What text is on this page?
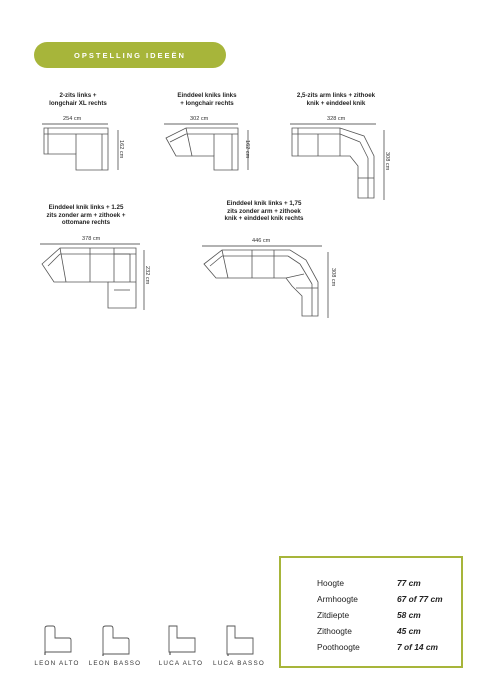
OPSTELLING IDEEËN
2-zits links +
longchair XL rechts
254 cm
162 cm
Einddeel kniks links
+ longchair rechts
302 cm
162 cm
2,5-zits arm links + zithoek
knik + einddeel knik
328 cm
308 cm
Einddeel knik links + 1.25
zits zonder arm + zithoek +
ottomane rechts
378 cm
232 cm
Einddeel knik links + 1,75
zits zonder arm + zithoek
knik + einddeel knik rechts
446 cm
308 cm
Hoogte	77 cm
Armhoogte	67 of 77 cm
Zitdiepte	58 cm
Zithoogte	45 cm
Poothoogte	7 of 14 cm
LEON ALTO	LEON BASSO	LUCA ALTO	LUCA BASSO
